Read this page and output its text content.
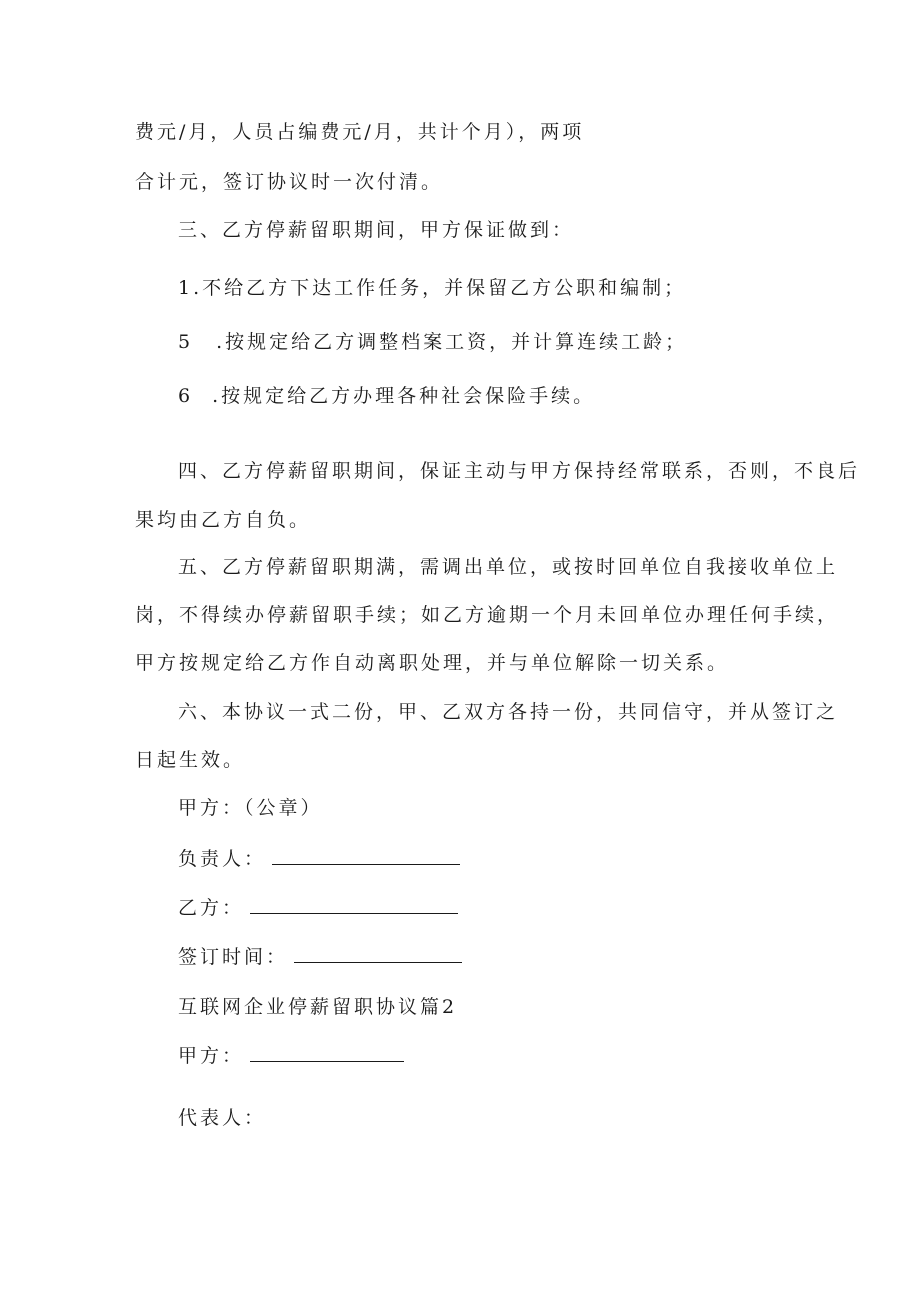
费元/月，人员占编费元/月，共计个月），两项
合计元，签订协议时一次付清。
三、乙方停薪留职期间，甲方保证做到：
1.不给乙方下达工作任务，并保留乙方公职和编制；
5 .按规定给乙方调整档案工资，并计算连续工龄；
6 .按规定给乙方办理各种社会保险手续。
四、乙方停薪留职期间，保证主动与甲方保持经常联系，否则，不良后
果均由乙方自负。
五、乙方停薪留职期满，需调出单位，或按时回单位自我接收单位上
岗，不得续办停薪留职手续；如乙方逾期一个月未回单位办理任何手续，
甲方按规定给乙方作自动离职处理，并与单位解除一切关系。
六、本协议一式二份，甲、乙双方各持一份，共同信守，并从签订之
日起生效。
甲方：（公章）
负责人：
乙方：
签订时间：
互联网企业停薪留职协议篇2
甲方：
代表人：
